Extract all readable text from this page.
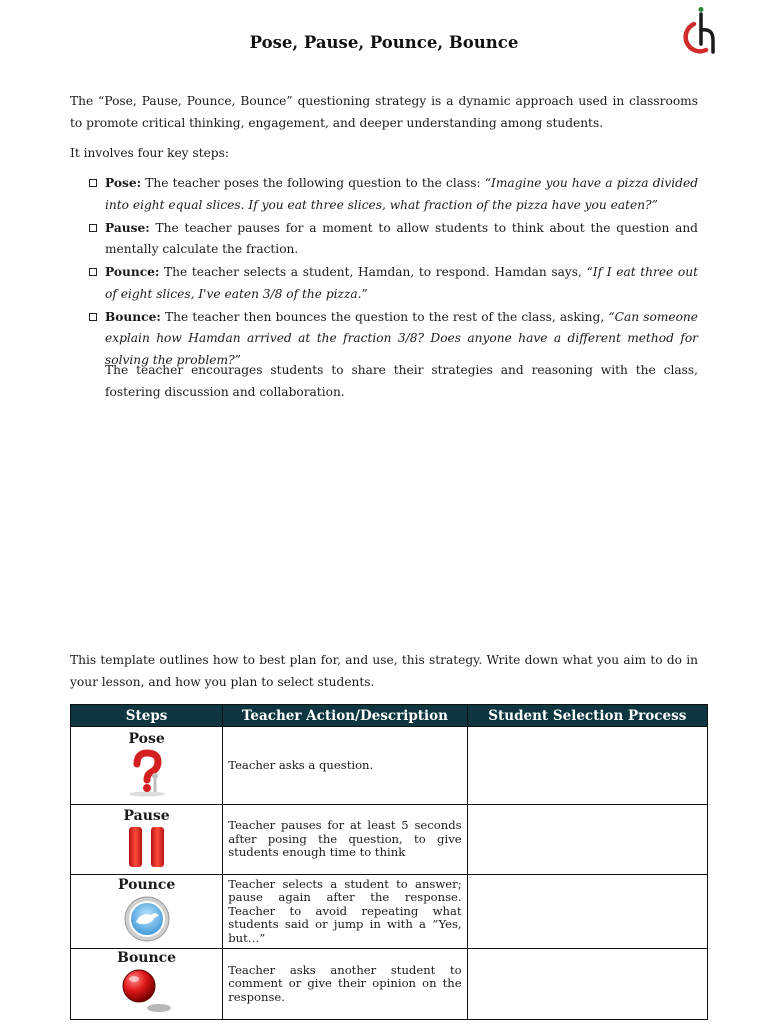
Pose, Pause, Pounce, Bounce

The “Pose, Pause, Pounce, Bounce” questioning strategy is a dynamic approach used in classrooms to promote critical thinking, engagement, and deeper understanding among students.

It involves four key steps:
Pose: The teacher poses the following question to the class: “Imagine you have a pizza divided into eight equal slices. If you eat three slices, what fraction of the pizza have you eaten?”
Pause: The teacher pauses for a moment to allow students to think about the question and mentally calculate the fraction.
Pounce: The teacher selects a student, Hamdan, to respond. Hamdan says, “If I eat three out of eight slices, I've eaten 3/8 of the pizza.”
Bounce: The teacher then bounces the question to the rest of the class, asking, “Can someone explain how Hamdan arrived at the fraction 3/8? Does anyone have a different method for solving the problem?”
The teacher encourages students to share their strategies and reasoning with the class, fostering discussion and collaboration.
This template outlines how to best plan for, and use, this strategy. Write down what you aim to do in your lesson, and how you plan to select students.
Steps	Teacher Action/Description	Student Selection Process

Pose	Teacher asks a question.	

Pause	Teacher pauses for at least 5 seconds after posing the question, to give students enough time to think	

Pounce	Teacher selects a student to answer; pause again after the response. Teacher to avoid repeating what students said or jump in with a “Yes, but…”	

Bounce	Teacher asks another student to comment or give their opinion on the response.	
